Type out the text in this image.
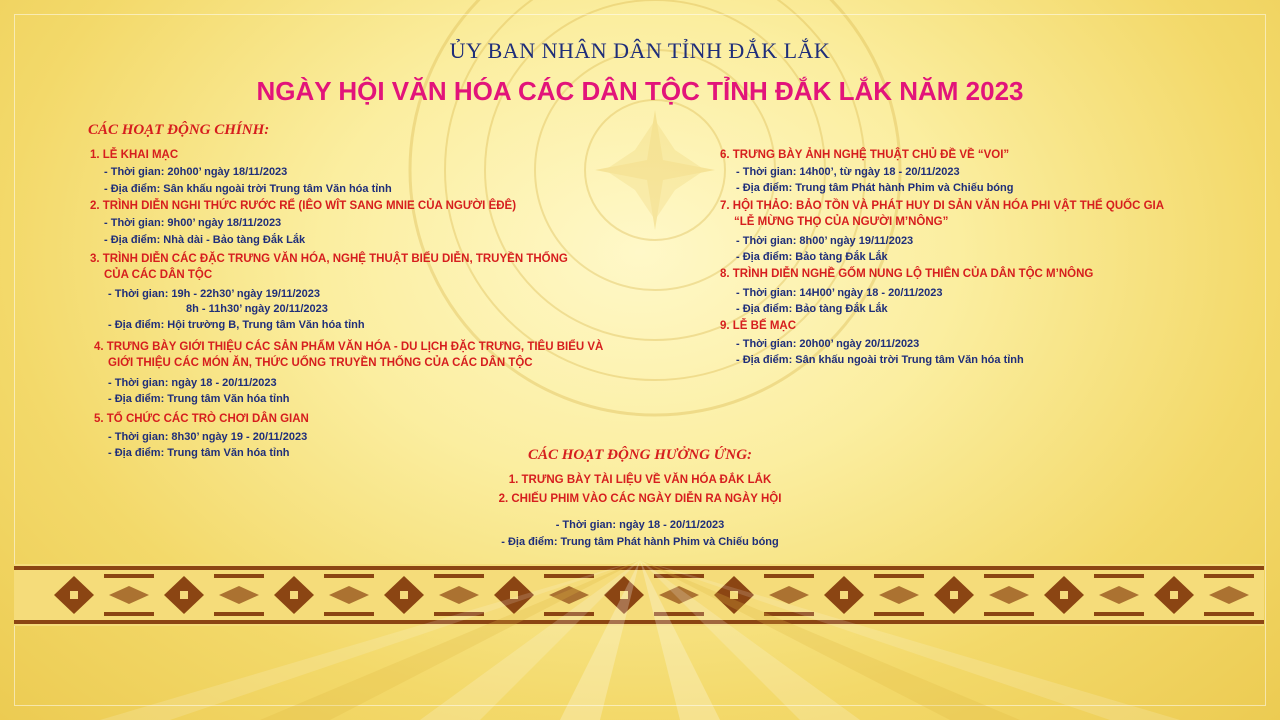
ỦY BAN NHÂN DÂN TỈNH ĐẮK LẮK
NGÀY HỘI VĂN HÓA CÁC DÂN TỘC TỈNH ĐẮK LẮK NĂM 2023
CÁC HOẠT ĐỘNG CHÍNH:
1. LỄ KHAI MẠC
- Thời gian: 20h00’ ngày 18/11/2023
- Địa điểm: Sân khấu ngoài trời Trung tâm Văn hóa tỉnh
2. TRÌNH DIỄN NGHI THỨC RƯỚC RỂ (IÊO WÎT SANG MNIE CỦA NGƯỜI ÊĐÊ)
- Thời gian: 9h00’ ngày 18/11/2023
- Địa điểm: Nhà dài - Bảo tàng Đắk Lắk
3. TRÌNH DIỄN CÁC ĐẶC TRƯNG VĂN HÓA, NGHỆ THUẬT BIỂU DIỄN, TRUYỀN THỐNG
CỦA CÁC DÂN TỘC
- Thời gian: 19h - 22h30’ ngày 19/11/2023
8h - 11h30’ ngày 20/11/2023
- Địa điểm: Hội trường B, Trung tâm Văn hóa tỉnh
4. TRƯNG BÀY GIỚI THIỆU CÁC SẢN PHẨM VĂN HÓA - DU LỊCH ĐẶC TRƯNG, TIÊU BIỂU VÀ
GIỚI THIỆU CÁC MÓN ĂN, THỨC UỐNG TRUYỀN THỐNG CỦA CÁC DÂN TỘC
- Thời gian: ngày 18 - 20/11/2023
- Địa điểm: Trung tâm Văn hóa tỉnh
5. TỔ CHỨC CÁC TRÒ CHƠI DÂN GIAN
- Thời gian: 8h30’ ngày 19 - 20/11/2023
- Địa điểm: Trung tâm Văn hóa tỉnh
6. TRƯNG BÀY ẢNH NGHỆ THUẬT CHỦ ĐỀ VỀ “VOI”
- Thời gian: 14h00’, từ ngày 18 - 20/11/2023
- Địa điểm: Trung tâm Phát hành Phim và Chiếu bóng
7. HỘI THẢO: BẢO TỒN VÀ PHÁT HUY DI SẢN VĂN HÓA PHI VẬT THỂ QUỐC GIA
“LỄ MỪNG THỌ CỦA NGƯỜI M’NÔNG”
- Thời gian: 8h00’ ngày 19/11/2023
- Địa điểm: Bảo tàng Đắk Lắk
8. TRÌNH DIỄN NGHỀ GỐM NUNG LỘ THIÊN CỦA DÂN TỘC M’NÔNG
- Thời gian: 14H00’ ngày 18 - 20/11/2023
- Địa điểm: Bảo tàng Đắk Lắk
9. LỄ BẾ MẠC
- Thời gian: 20h00’ ngày 20/11/2023
- Địa điểm: Sân khấu ngoài trời Trung tâm Văn hóa tỉnh
CÁC HOẠT ĐỘNG HƯỞNG ỨNG:
1. TRƯNG BÀY TÀI LIỆU VỀ VĂN HÓA ĐẮK LẮK
2. CHIẾU PHIM VÀO CÁC NGÀY DIỄN RA NGÀY HỘI
- Thời gian: ngày 18 - 20/11/2023
- Địa điểm: Trung tâm Phát hành Phim và Chiếu bóng
